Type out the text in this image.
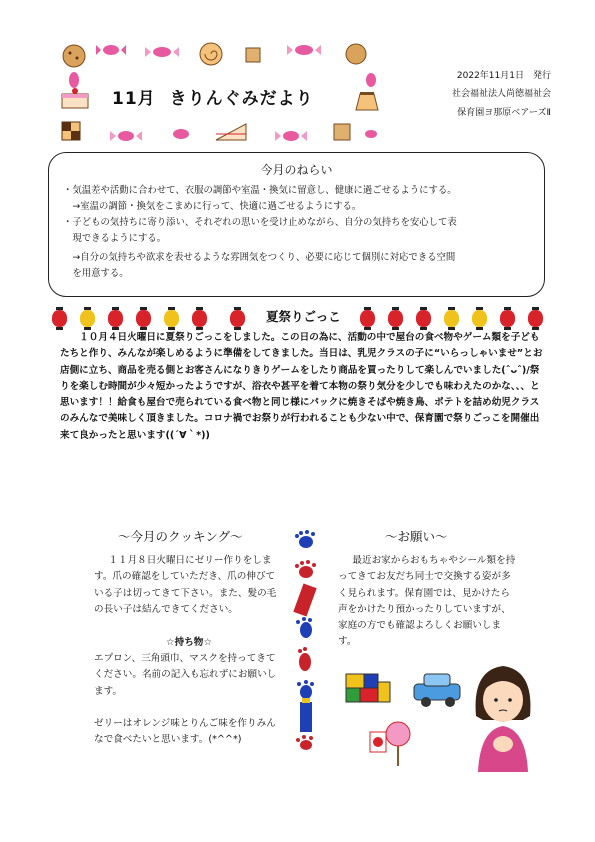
11月 きりんぐみだより
2022年11月1日　発行
社会福祉法人尚徳福祉会
保育園ヨ那原ベアーズⅡ
今月のねらい
・気温差や活動に合わせて、衣服の調節や室温・換気に留意し、健康に過ごせるようにする。
　→室温の調節・換気をこまめに行って、快適に過ごせるようにする。
・子どもの気持ちに寄り添い、それぞれの思いを受け止めながら、自分の気持ちを安心して表
　現できるようにする。
　→自分の気持ちや欲求を表せるような雰囲気をつくり、必要に応じて個別に対応できる空間
　を用意する。
夏祭りごっこ
１０月４日火曜日に夏祭りごっこをしました。この日の為に、活動の中で屋台の食べ物やゲーム類を子どもたちと作り、みんなが楽しめるように準備をしてきました。当日は、乳児クラスの子に“いらっしゃいませ”とお店側に立ち、商品を売る側とお客さんになりきりゲームをしたり商品を買ったりして楽しんでいました(ˆᴗˆ)/祭りを楽しむ時間が少々短かったようですが、浴衣や甚平を着て本物の祭り気分を少しでも味わえたのかな、、、と思います！！給食も屋台で売られている食べ物と同じ様にパックに焼きそばや焼き鳥、ポテトを詰め幼児クラスのみんなで美味しく頂きました。コロナ禍でお祭りが行われることも少ない中で、保育園で祭りごっこを開催出来て良かったと思います((´∀｀*))
～今月のクッキング～
１１月８日火曜日にゼリー作りをします。爪の確認をしていただき、爪の伸びている子は切ってきて下さい。また、髪の毛の長い子は結んできてください。
☆持ち物☆
エプロン、三角頭巾、マスクを持ってきてください。名前の記入も忘れずにお願いします。
ゼリーはオレンジ味とりんご味を作りみんなで食べたいと思います。(*^^*)
～お願い～
最近お家からおもちゃやシール類を持ってきてお友だち同士で交換する姿が多く見られます。保育園では、見かけたら声をかけたり預かったりしていますが、家庭の方でも確認よろしくお願いします。
